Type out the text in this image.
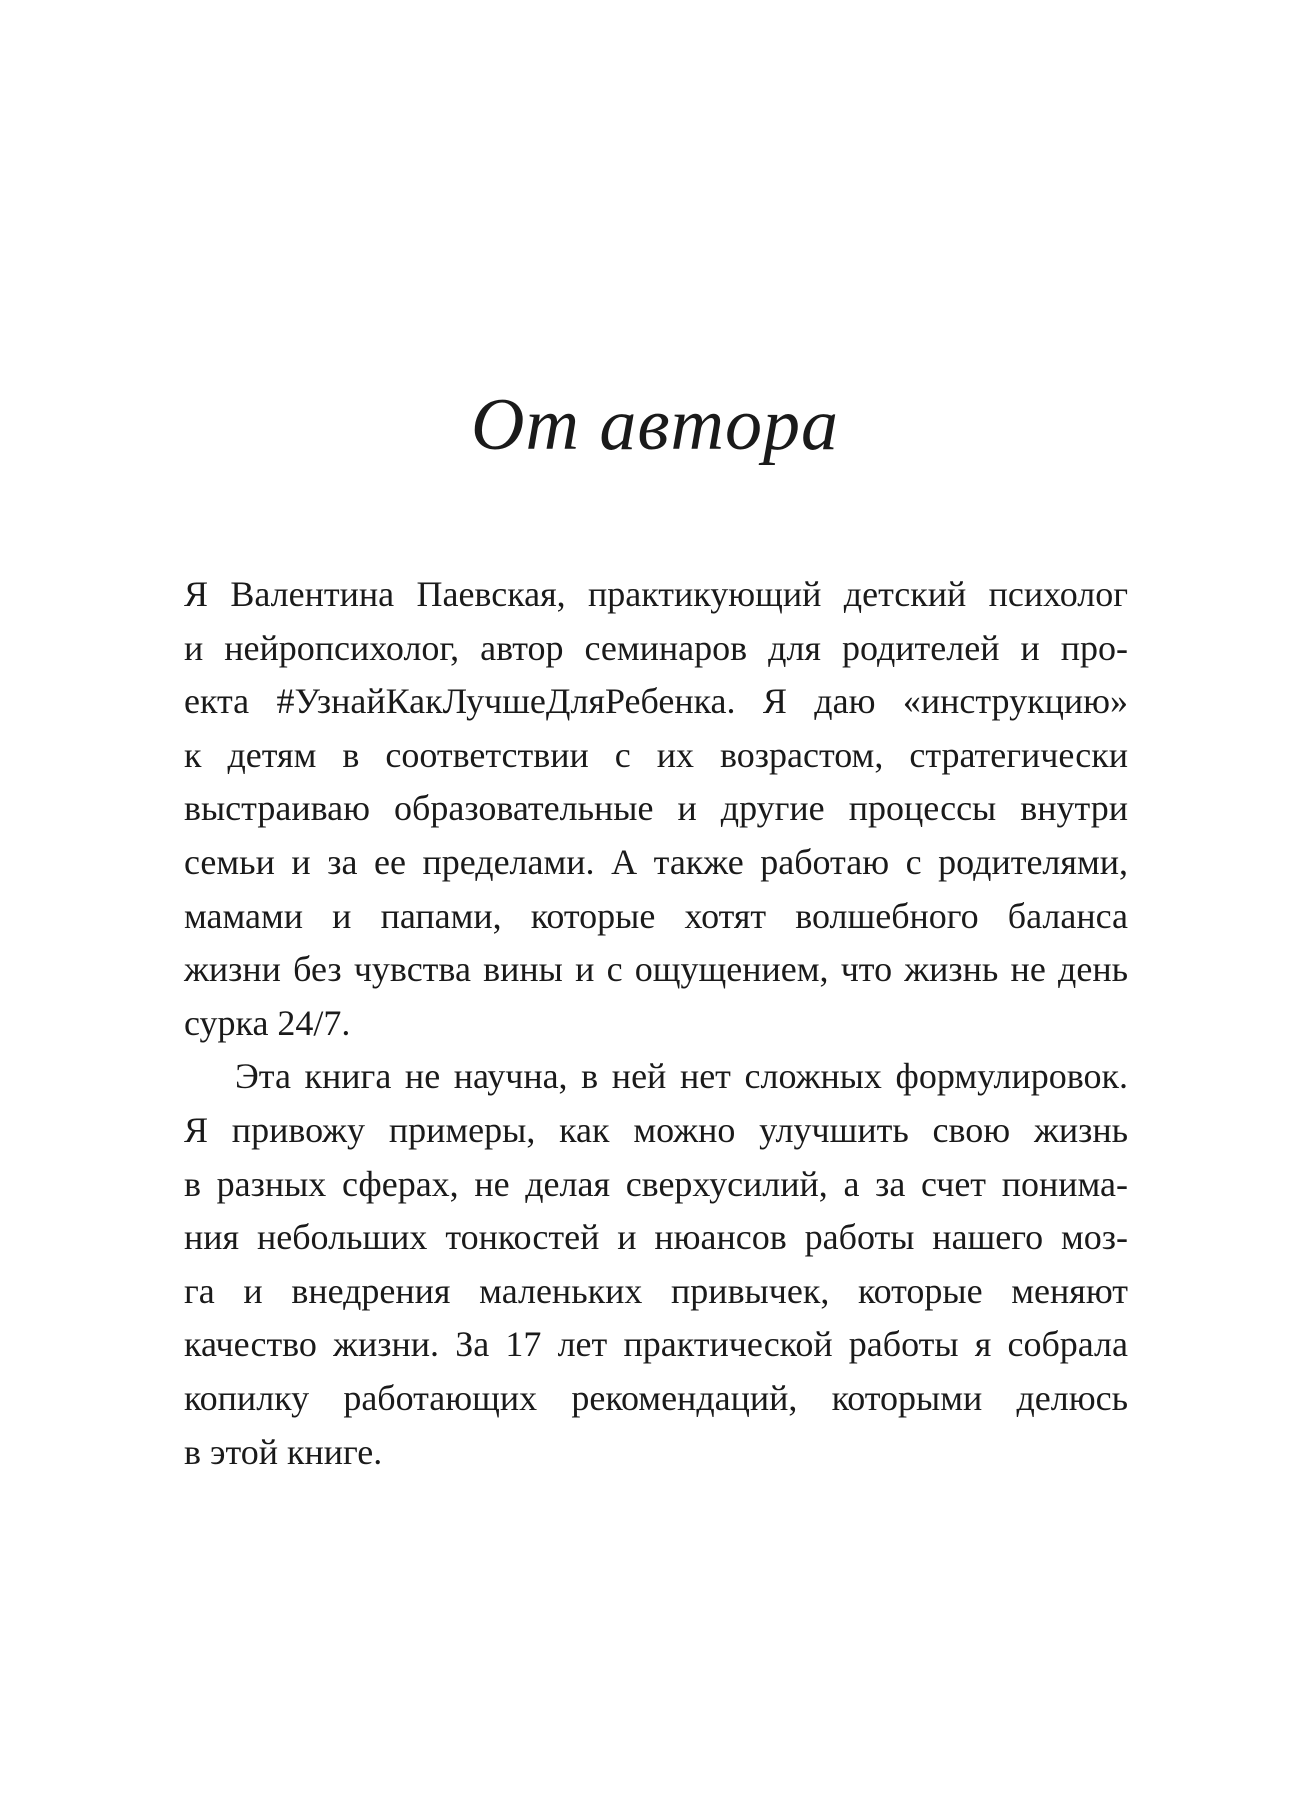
От автора
Я Валентина Паевская, практикующий детский психолог
и нейропсихолог, автор семинаров для родителей и про-
екта #УзнайКакЛучшеДляРебенка. Я даю «инструкцию»
к детям в соответствии с их возрастом, стратегически
выстраиваю образовательные и другие процессы внутри
семьи и за ее пределами. А также работаю с родителями,
мамами и папами, которые хотят волшебного баланса
жизни без чувства вины и с ощущением, что жизнь не день
сурка 24/7.
Эта книга не научна, в ней нет сложных формулировок.
Я привожу примеры, как можно улучшить свою жизнь
в разных сферах, не делая сверхусилий, а за счет понима-
ния небольших тонкостей и нюансов работы нашего моз-
га и внедрения маленьких привычек, которые меняют
качество жизни. За 17 лет практической работы я собрала
копилку работающих рекомендаций, которыми делюсь
в этой книге.
